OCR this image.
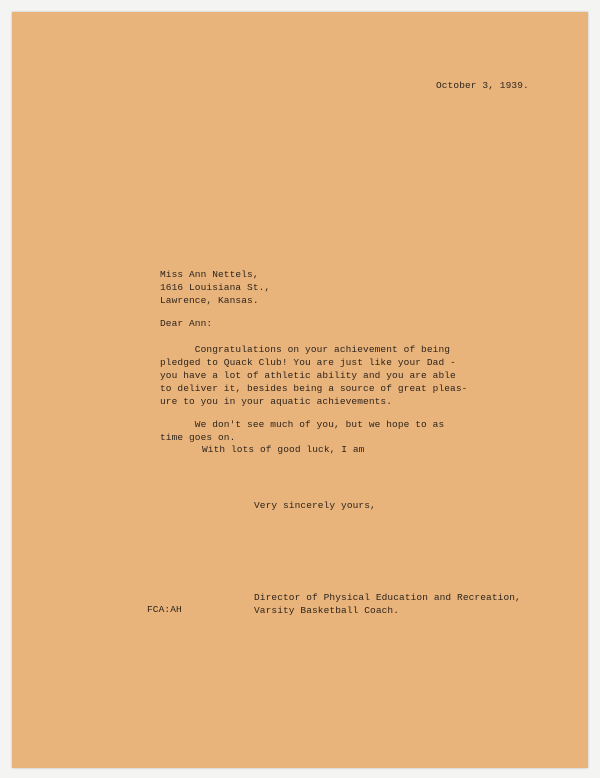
October 3, 1939.
Miss Ann Nettels,
1616 Louisiana St.,
Lawrence, Kansas.
Dear Ann:
Congratulations on your achievement of being
pledged to Quack Club! You are just like your Dad -
you have a lot of athletic ability and you are able
to deliver it, besides being a source of great pleas-
ure to you in your aquatic achievements.
We don't see much of you, but we hope to as
time goes on.
With lots of good luck, I am
Very sincerely yours,
Director of Physical Education and Recreation,
Varsity Basketball Coach.
FCA:AH
